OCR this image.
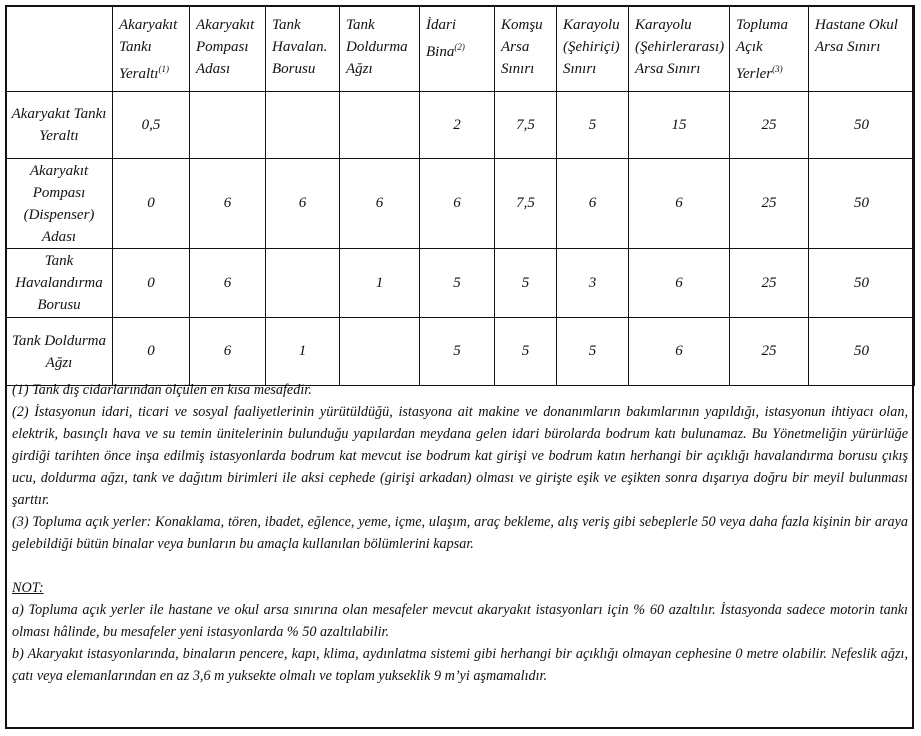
	Akaryakıt Tankı Yeraltı$^{(1)}$	Akaryakıt Pompası Adası	Tank Havalan. Borusu	Tank Doldurma Ağzı	İdari Bina$^{(2)}$	Komşu Arsa Sınırı	Karayolu (Şehiriçi) Sınırı	Karayolu (Şehirlerarası) Arsa Sınırı	Topluma Açık Yerler$^{(3)}$	Hastane Okul Arsa Sınırı
Akaryakıt Tankı Yeraltı	0,5				2	7,5	5	15	25	50
Akaryakıt Pompası (Dispenser) Adası	0	6	6	6	6	7,5	6	6	25	50
Tank Havalandırma Borusu	0	6		1	5	5	3	6	25	50
Tank Doldurma Ağzı	0	6	1		5	5	5	6	25	50

(1) Tank dış cidarlarından ölçülen en kısa mesafedir.

(2) İstasyonun idari, ticari ve sosyal faaliyetlerinin yürütüldüğü, istasyona ait makine ve donanımların bakımlarının yapıldığı, istasyonun ihtiyacı olan, elektrik, basınçlı hava ve su temin ünitelerinin bulunduğu yapılardan meydana gelen idari bürolarda bodrum katı bulunamaz. Bu Yönetmeliğin yürürlüğe girdiği tarihten önce inşa edilmiş istasyonlarda bodrum kat mevcut ise bodrum kat girişi ve bodrum katın herhangi bir açıklığı havalandırma borusu çıkış ucu, doldurma ağzı, tank ve dağıtım birimleri ile aksi cephede (girişi arkadan) olması ve girişte eşik ve eşikten sonra dışarıya doğru bir meyil bulunması şarttır.

(3) Topluma açık yerler: Konaklama, tören, ibadet, eğlence, yeme, içme, ulaşım, araç bekleme, alış veriş gibi sebeplerle 50 veya daha fazla kişinin bir araya gelebildiği bütün binalar veya bunların bu amaçla kullanılan bölümlerini kapsar.

NOT:

a) Topluma açık yerler ile hastane ve okul arsa sınırına olan mesafeler mevcut akaryakıt istasyonları için % 60 azaltılır. İstasyonda sadece motorin tankı olması hâlinde, bu mesafeler yeni istasyonlarda % 50 azaltılabilir.

b) Akaryakıt istasyonlarında, binaların pencere, kapı, klima, aydınlatma sistemi gibi herhangi bir açıklığı olmayan cephesine 0 metre olabilir. Nefeslik ağzı, çatı veya elemanlarından en az 3,6 m yuksekte olmalı ve toplam yukseklik 9 m’yi aşmamalıdır.
